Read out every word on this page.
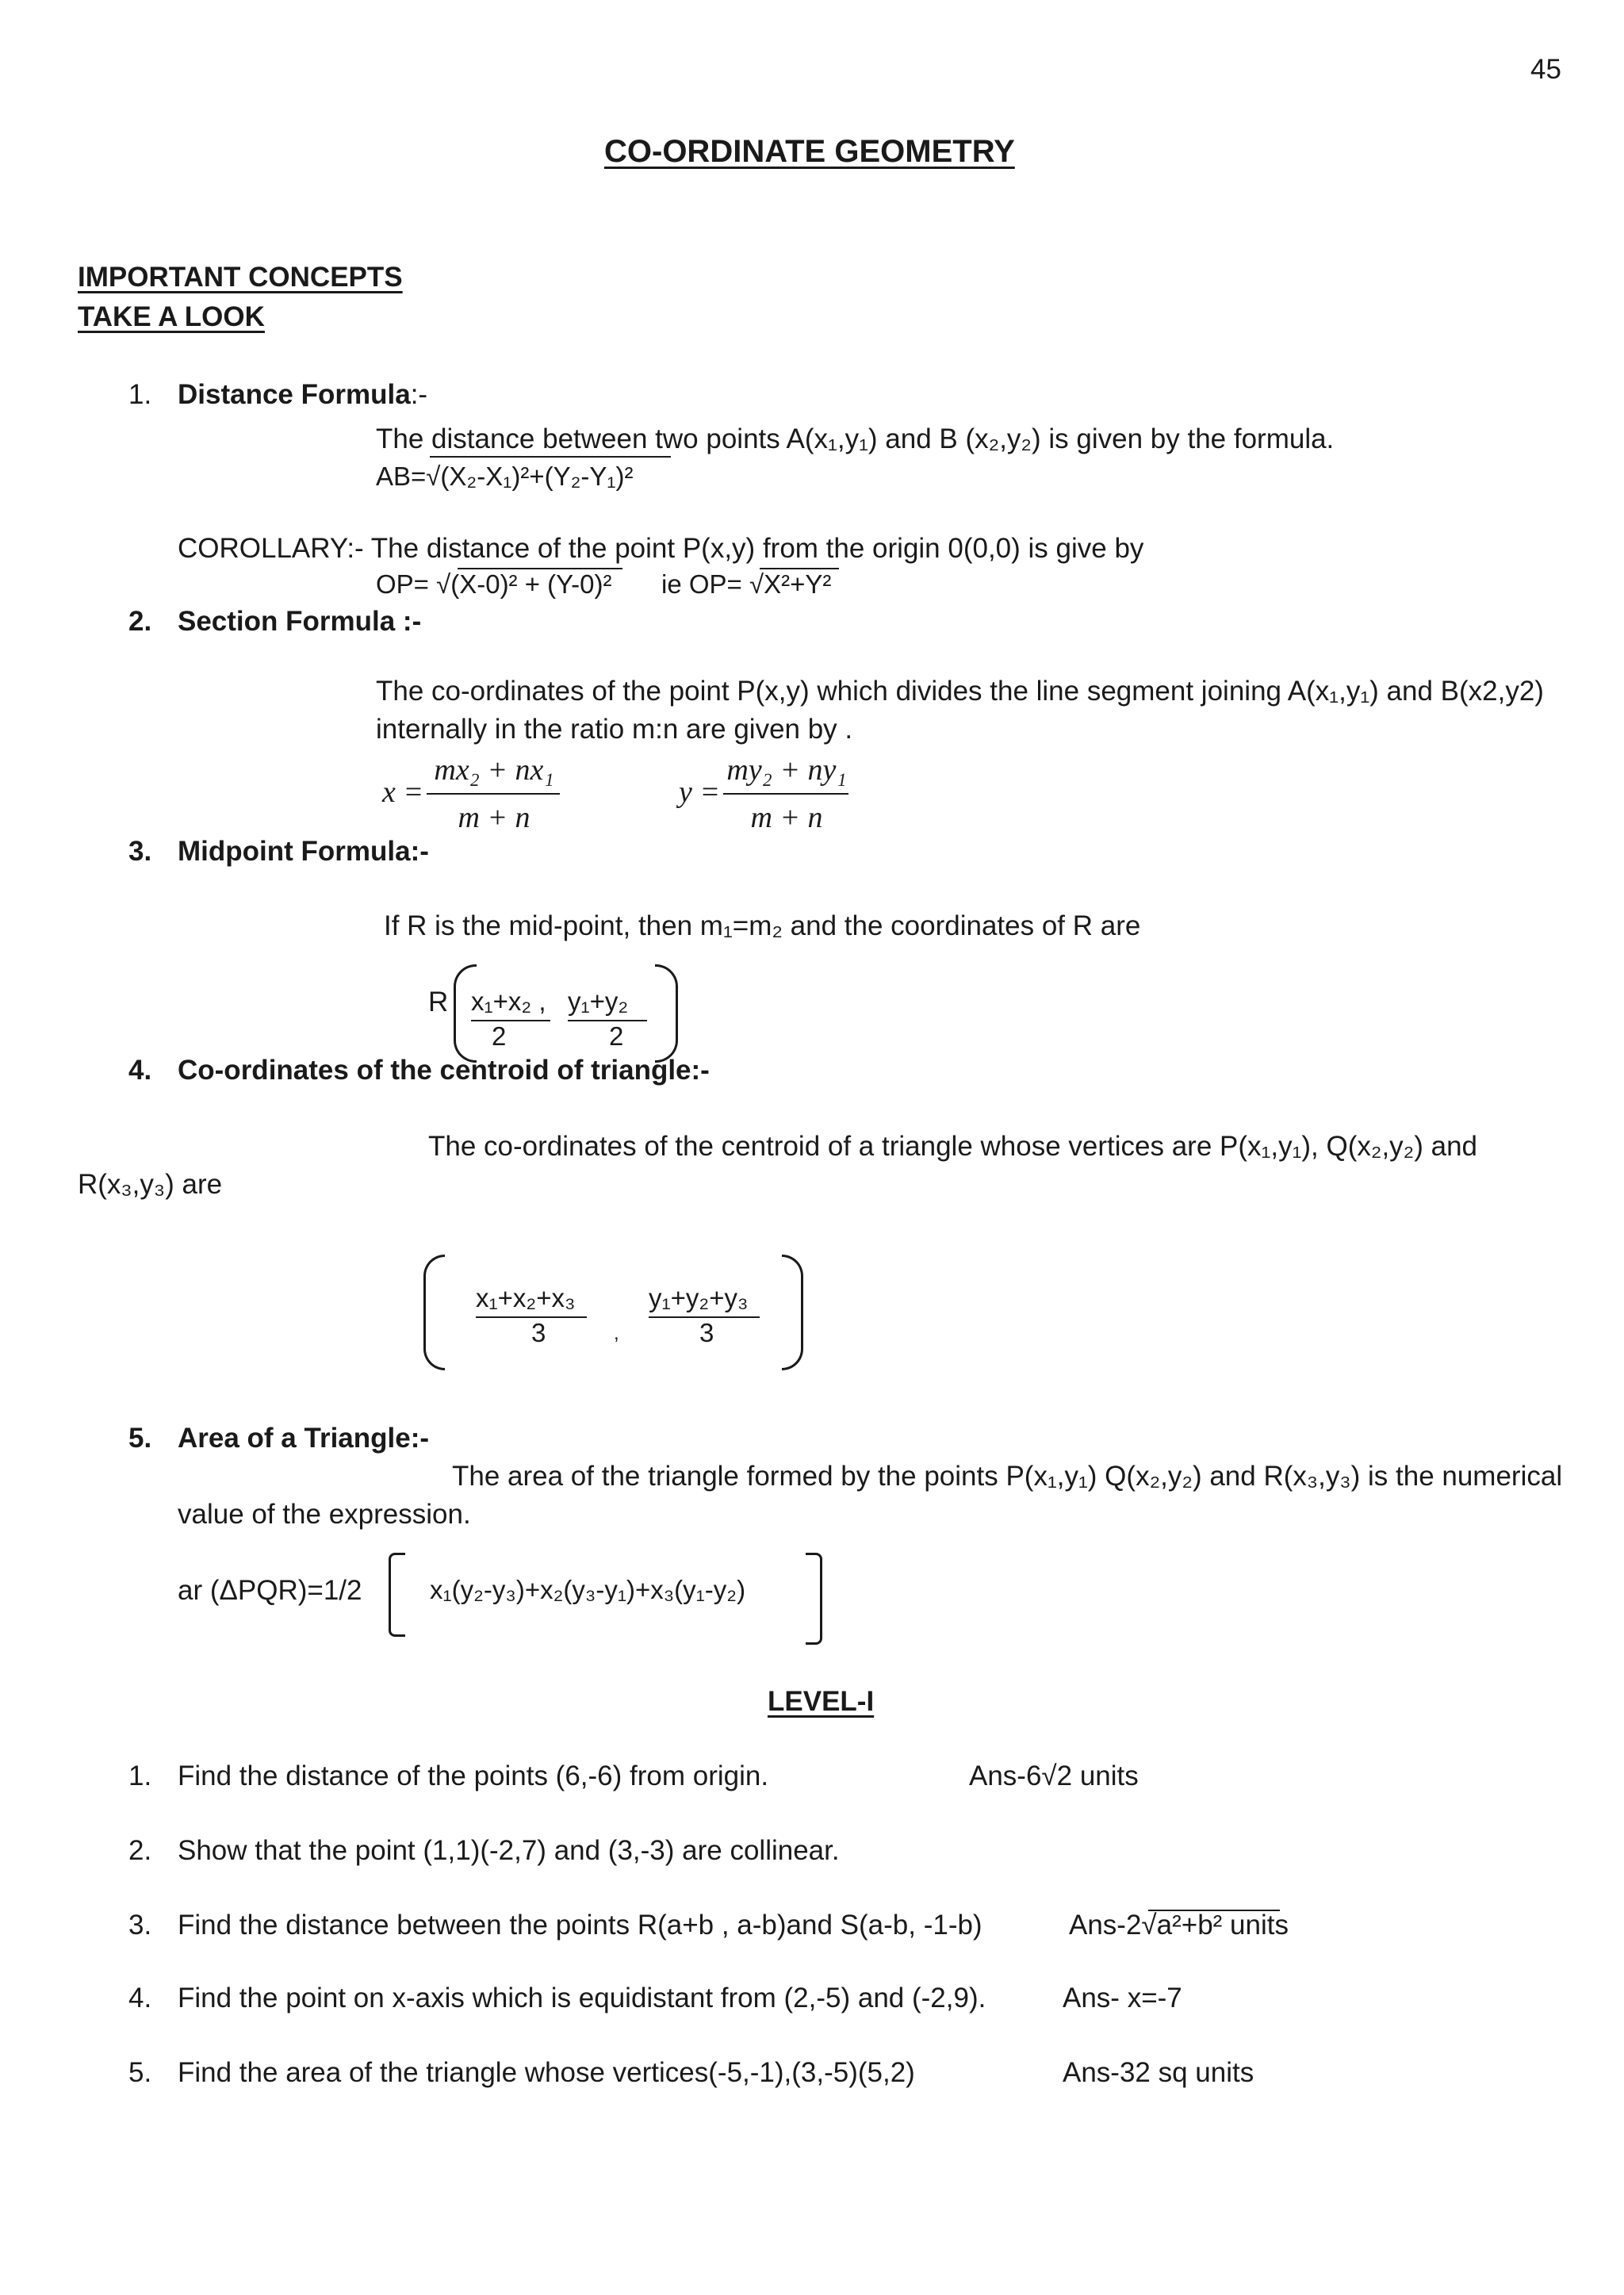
45
CO-ORDINATE GEOMETRY
IMPORTANT CONCEPTS
TAKE A LOOK
1. Distance Formula:-
The distance between two points A(x₁,y₁) and B (x₂,y₂) is given by the formula.
AB=√(X₂-X₁)²+(Y₂-Y₁)²
COROLLARY:- The distance of the point P(x,y) from the origin 0(0,0) is give by
OP= √(X-0)² + (Y-0)² ie OP= √X²+Y²
2. Section Formula :-
The co-ordinates of the point P(x,y) which divides the line segment joining A(x₁,y₁) and B(x2,y2)
internally in the ratio m:n are given by .
x =
mx₂ + nx₁
m + n
y =
my₂ + ny₁
m + n
3. Midpoint Formula:-
If R is the mid-point, then m₁=m₂ and the coordinates of R are
R x₁+x₂ , y₁+y₂
2	2
4. Co-ordinates of the centroid of triangle:-
The co-ordinates of the centroid of a triangle whose vertices are P(x₁,y₁), Q(x₂,y₂) and
R(x₃,y₃) are
x₁+x₂+x₃
3	,
y₁+y₂+y₃
3
5. Area of a Triangle:-
The area of the triangle formed by the points P(x₁,y₁) Q(x₂,y₂) and R(x₃,y₃) is the numerical
value of the expression.
ar (ΔPQR)=1/2	x₁(y₂-y₃)+x₂(y₃-y₁)+x₃(y₁-y₂)
LEVEL-I
1. Find the distance of the points (6,-6) from origin.	Ans-6√2 units
2. Show that the point (1,1)(-2,7) and (3,-3) are collinear.
3. Find the distance between the points R(a+b , a-b)and S(a-b, -1-b)	Ans-2√a²+b² units
4. Find the point on x-axis which is equidistant from (2,-5) and (-2,9).	Ans- x=-7
5. Find the area of the triangle whose vertices(-5,-1),(3,-5)(5,2)	Ans-32 sq units
